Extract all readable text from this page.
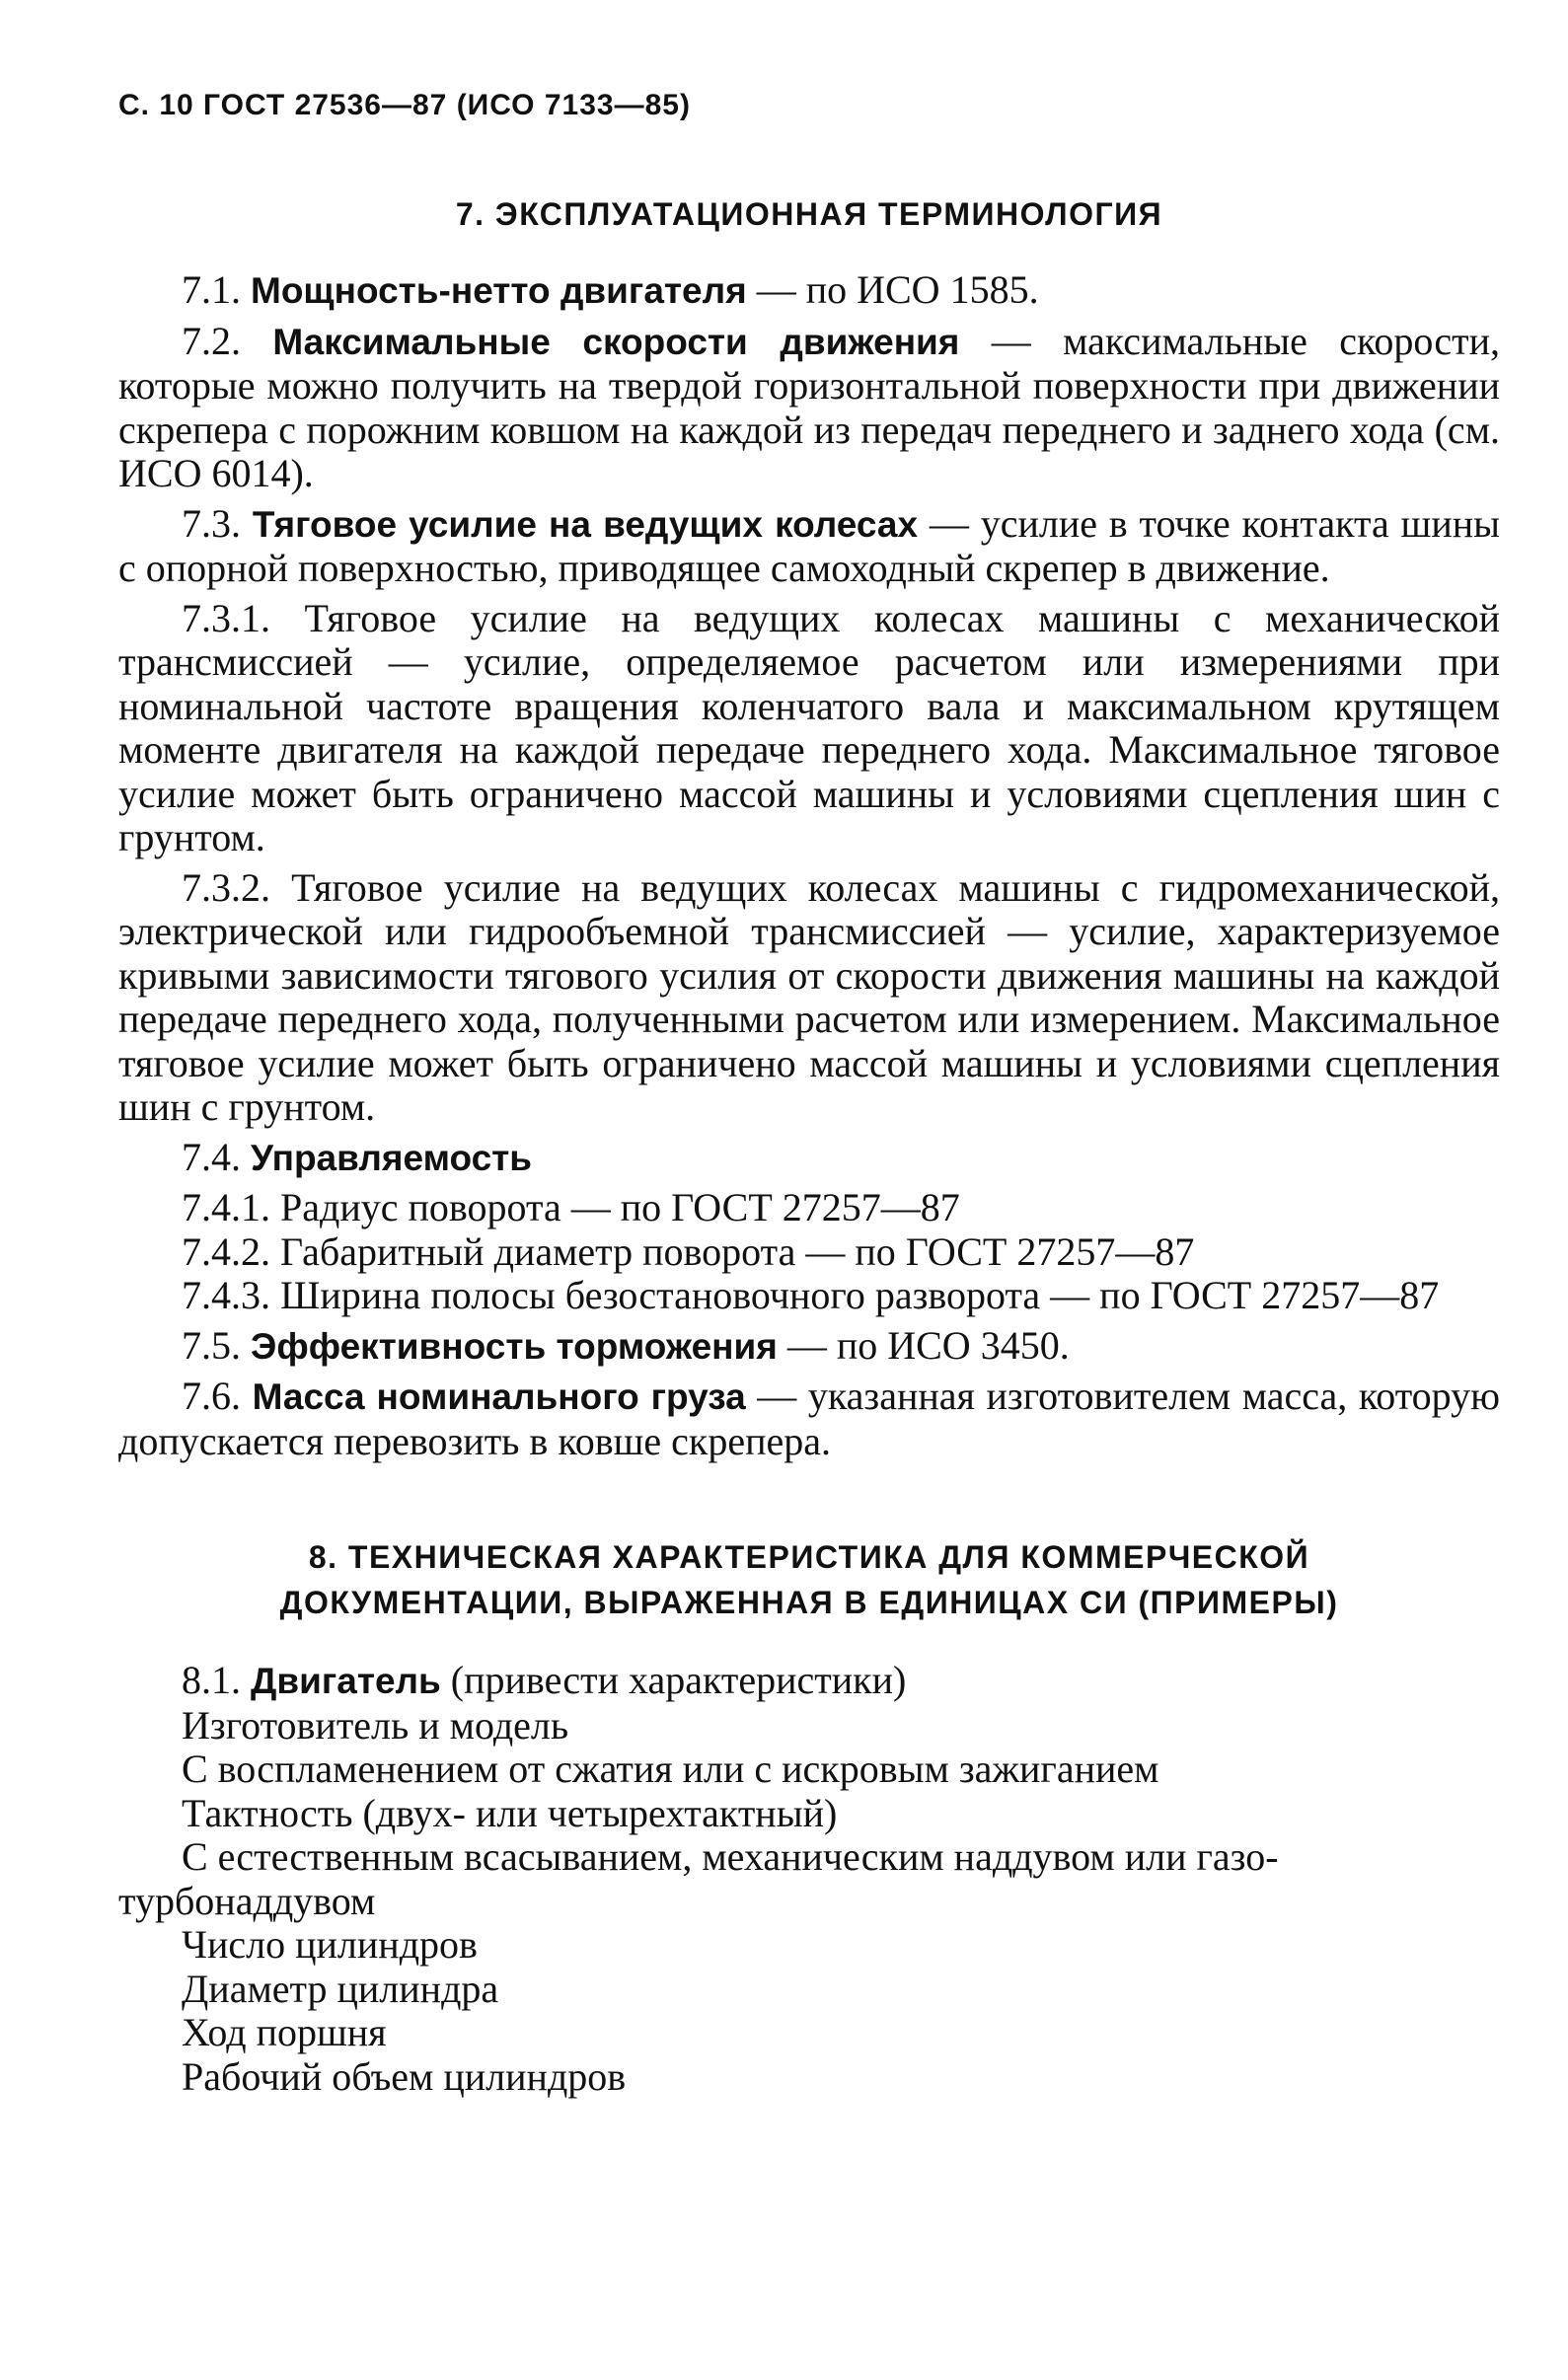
С. 10 ГОСТ 27536—87 (ИСО 7133—85)
7. ЭКСПЛУАТАЦИОННАЯ ТЕРМИНОЛОГИЯ

7.1. Мощность-нетто двигателя — по ИСО 1585.

7.2. Максимальные скорости движения — максимальные скорости, которые можно получить на твердой горизонтальной поверхности при движении скрепера с порожним ковшом на каждой из передач переднего и заднего хода (см. ИСО 6014).

7.3. Тяговое усилие на ведущих колесах — усилие в точке контакта шины с опорной поверхностью, приводящее самоходный скрепер в движение.

7.3.1. Тяговое усилие на ведущих колесах машины с механической трансмиссией — усилие, определяемое расчетом или измерениями при номинальной частоте вращения коленчатого вала и максимальном крутящем моменте двигателя на каждой передаче переднего хода. Максимальное тяговое усилие может быть ограничено массой машины и условиями сцепления шин с грунтом.

7.3.2. Тяговое усилие на ведущих колесах машины с гидромеханической, электрической или гидрообъемной трансмиссией — усилие, характеризуемое кривыми зависимости тягового усилия от скорости движения машины на каждой передаче переднего хода, полученными расчетом или измерением. Максимальное тяговое усилие может быть ограничено массой машины и условиями сцепления шин с грунтом.

7.4. Управляемость

7.4.1. Радиус поворота — по ГОСТ 27257—87

7.4.2. Габаритный диаметр поворота — по ГОСТ 27257—87

7.4.3. Ширина полосы безостановочного разворота — по ГОСТ 27257—87

7.5. Эффективность торможения — по ИСО 3450.

7.6. Масса номинального груза — указанная изготовителем масса, которую допускается перевозить в ковше скрепера.

8. ТЕХНИЧЕСКАЯ ХАРАКТЕРИСТИКА ДЛЯ КОММЕРЧЕСКОЙ
ДОКУМЕНТАЦИИ, ВЫРАЖЕННАЯ В ЕДИНИЦАХ СИ (ПРИМЕРЫ)

8.1. Двигатель (привести характеристики)

Изготовитель и модель

С воспламенением от сжатия или с искровым зажиганием

Тактность (двух- или четырехтактный)

С естественным всасыванием, механическим наддувом или газо-

турбонаддувом

Число цилиндров

Диаметр цилиндра

Ход поршня

Рабочий объем цилиндров
